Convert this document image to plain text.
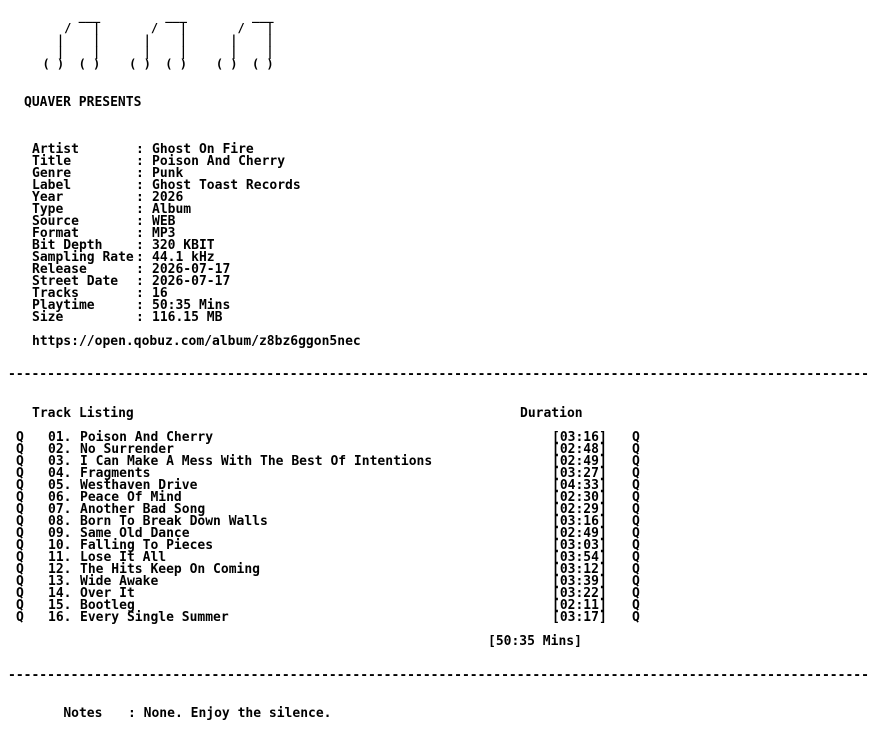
___         ___         ___
/   |       /   |       /   |
|    |      |    |      |    |
|    |      |    |      |    |
( )  ( )    ( )  ( )    ( )  ( )
QUAVER PRESENTS
Artist	: Ghost On Fire
Title	: Poison And Cherry
Genre	: Punk
Label	: Ghost Toast Records
Year	: 2026
Type	: Album
Source	: WEB
Format	: MP3
Bit Depth	: 320 KBIT
Sampling Rate : 44.1 kHz
Release	: 2026-07-17
Street Date : 2026-07-17
Tracks	: 16
Playtime	: 50:35 Mins
Size	: 116.15 MB
https://open.qobuz.com/album/z8bz6ggon5nec
--------------------------------------------------------------------------------------------------------------
Track Listing	Duration
Q 01. Poison And Cherry	[03:16] Q
Q 02. No Surrender	[02:48] Q
Q 03. I Can Make A Mess With The Best Of Intentions	[02:49] Q
Q 04. Fragments	[03:27] Q
Q 05. Westhaven Drive	[04:33] Q
Q 06. Peace Of Mind	[02:30] Q
Q 07. Another Bad Song	[02:29] Q
Q 08. Born To Break Down Walls	[03:16] Q
Q 09. Same Old Dance	[02:49] Q
Q 10. Falling To Pieces	[03:03] Q
Q 11. Lose It All	[03:54] Q
Q 12. The Hits Keep On Coming	[03:12] Q
Q 13. Wide Awake	[03:39] Q
Q 14. Over It	[03:22] Q
Q 15. Bootleg	[02:11] Q
Q 16. Every Single Summer	[03:17] Q
[50:35 Mins]
--------------------------------------------------------------------------------------------------------------

Notes : None. Enjoy the silence.
